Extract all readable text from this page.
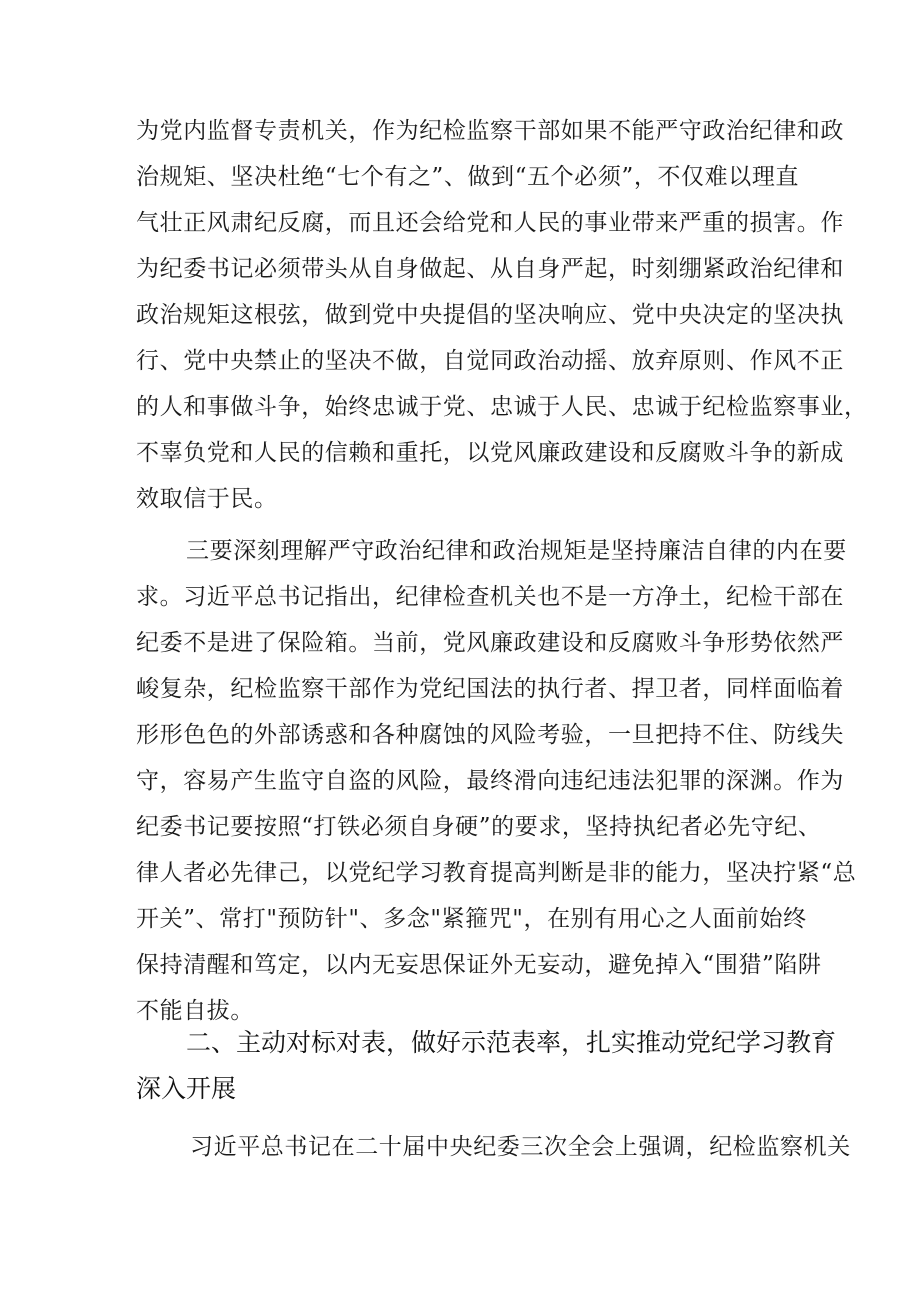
为党内监督专责机关，作为纪检监察干部如果不能严守政治纪律和政
治规矩、坚决杜绝“七个有之”、做到“五个必须”，不仅难以理直
气壮正风肃纪反腐，而且还会给党和人民的事业带来严重的损害。作
为纪委书记必须带头从自身做起、从自身严起，时刻绷紧政治纪律和
政治规矩这根弦，做到党中央提倡的坚决响应、党中央决定的坚决执
行、党中央禁止的坚决不做，自觉同政治动摇、放弃原则、作风不正
的人和事做斗争，始终忠诚于党、忠诚于人民、忠诚于纪检监察事业，
不辜负党和人民的信赖和重托，以党风廉政建设和反腐败斗争的新成
效取信于民。
三要深刻理解严守政治纪律和政治规矩是坚持廉洁自律的内在要
求。习近平总书记指出，纪律检查机关也不是一方净土，纪检干部在
纪委不是进了保险箱。当前，党风廉政建设和反腐败斗争形势依然严
峻复杂，纪检监察干部作为党纪国法的执行者、捍卫者，同样面临着
形形色色的外部诱惑和各种腐蚀的风险考验，一旦把持不住、防线失
守，容易产生监守自盗的风险，最终滑向违纪违法犯罪的深渊。作为
纪委书记要按照“打铁必须自身硬”的要求，坚持执纪者必先守纪、
律人者必先律己，以党纪学习教育提高判断是非的能力，坚决拧紧“总
开关”、常打"预防针"、多念"紧箍咒"，在别有用心之人面前始终
保持清醒和笃定，以内无妄思保证外无妄动，避免掉入“围猎”陷阱
不能自拔。
二、主动对标对表，做好示范表率，扎实推动党纪学习教育
深入开展
习近平总书记在二十届中央纪委三次全会上强调，纪检监察机关
